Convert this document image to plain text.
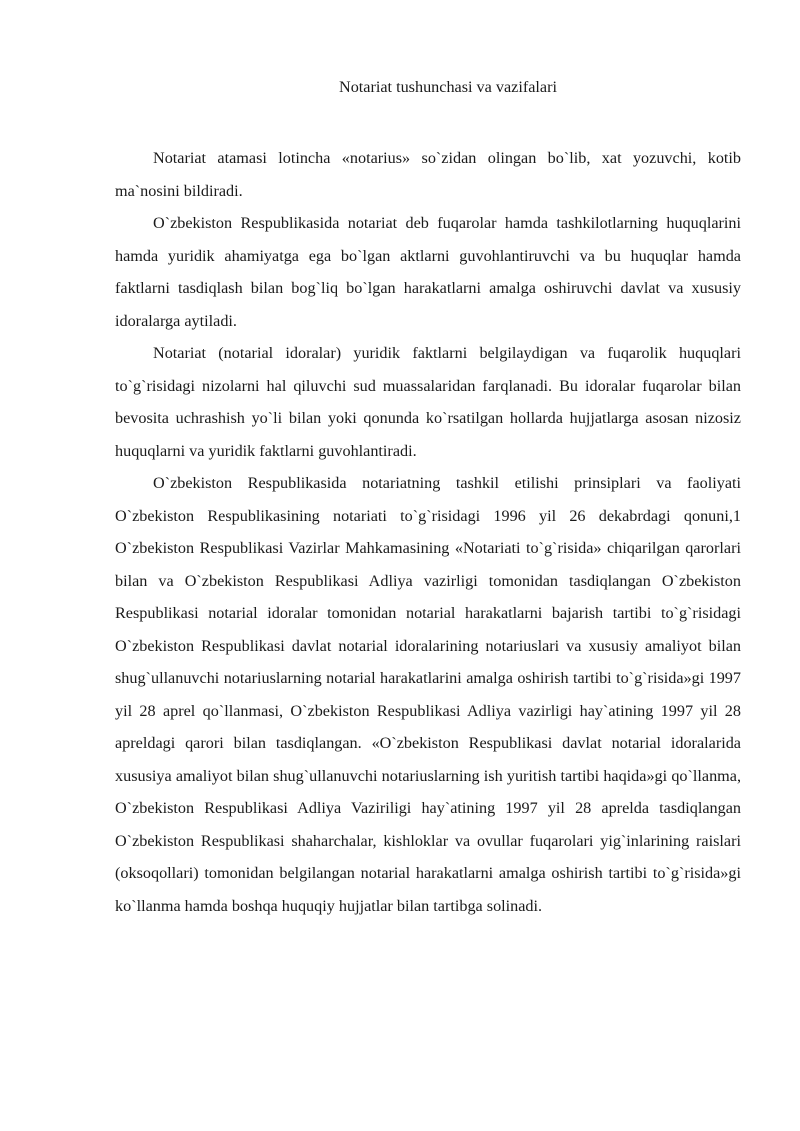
Notariat tushunchasi va vazifalari

Notariat atamasi lotincha «notarius» so`zidan olingan bo`lib, xat yozuvchi, kotib ma`nosini bildiradi.

O`zbekiston Respublikasida notariat deb fuqarolar hamda tashkilotlarning huquqlarini hamda yuridik ahamiyatga ega bo`lgan aktlarni guvohlantiruvchi va bu huquqlar hamda faktlarni tasdiqlash bilan bog`liq bo`lgan harakatlarni amalga oshiruvchi davlat va xususiy idoralarga aytiladi.

Notariat (notarial idoralar) yuridik faktlarni belgilaydigan va fuqarolik huquqlari to`g`risidagi nizolarni hal qiluvchi sud muassalaridan farqlanadi. Bu idoralar fuqarolar bilan bevosita uchrashish yo`li bilan yoki qonunda ko`rsatilgan hollarda hujjatlarga asosan nizosiz huquqlarni va yuridik faktlarni guvohlantiradi.

O`zbekiston Respublikasida notariatning tashkil etilishi prinsiplari va faoliyati O`zbekiston Respublikasining notariati to`g`risidagi 1996 yil 26 dekabrdagi qonuni,1 O`zbekiston Respublikasi Vazirlar Mahkamasining «Notariati to`g`risida» chiqarilgan qarorlari bilan va O`zbekiston Respublikasi Adliya vazirligi tomonidan tasdiqlangan O`zbekiston Respublikasi notarial idoralar tomonidan notarial harakatlarni bajarish tartibi to`g`risidagi O`zbekiston Respublikasi davlat notarial idoralarining notariuslari va xususiy amaliyot bilan shug`ullanuvchi notariuslarning notarial harakatlarini amalga oshirish tartibi to`g`risida»gi 1997 yil 28 aprel qo`llanmasi, O`zbekiston Respublikasi Adliya vazirligi hay`atining 1997 yil 28 apreldagi qarori bilan tasdiqlangan. «O`zbekiston Respublikasi davlat notarial idoralarida xususiya amaliyot bilan shug`ullanuvchi notariuslarning ish yuritish tartibi haqida»gi qo`llanma, O`zbekiston Respublikasi Adliya Vaziriligi hay`atining 1997 yil 28 aprelda tasdiqlangan O`zbekiston Respublikasi shaharchalar, kishloklar va ovullar fuqarolari yig`inlarining raislari (oksoqollari) tomonidan belgilangan notarial harakatlarni amalga oshirish tartibi to`g`risida»gi ko`llanma hamda boshqa huquqiy hujjatlar bilan tartibga solinadi.
